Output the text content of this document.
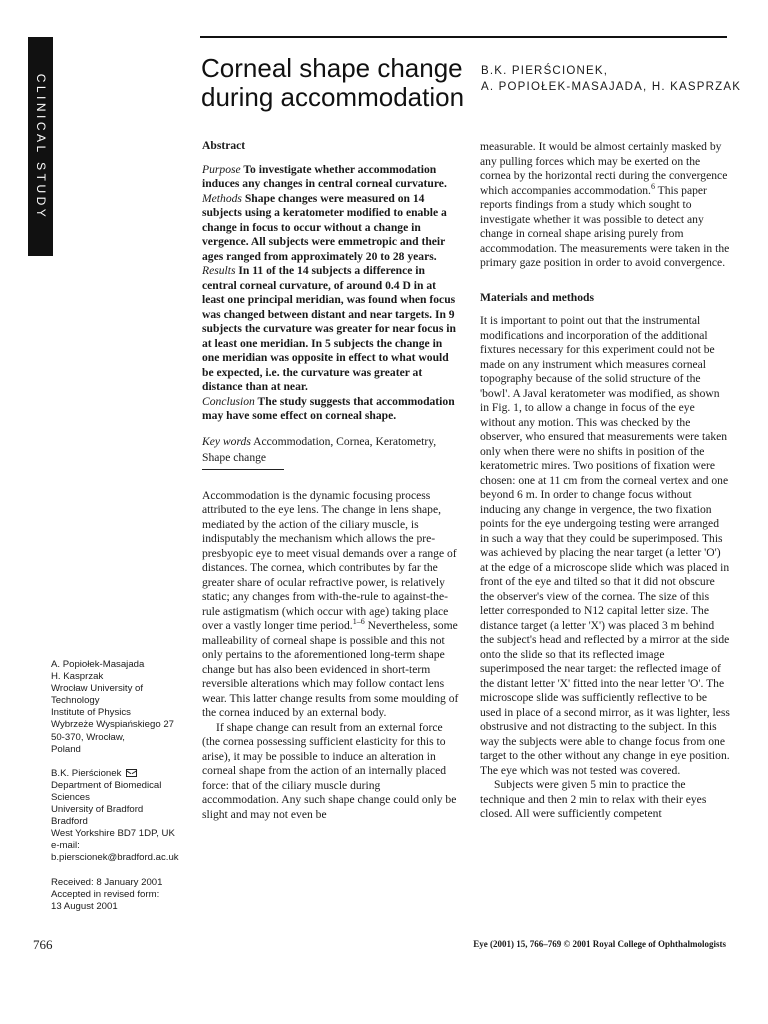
CLINICAL STUDY
Corneal shape change during accommodation
B.K. PIERŚCIONEK,
A. POPIOŁEK-MASAJADA, H. KASPRZAK
Abstract

Purpose To investigate whether accommodation induces any changes in central corneal curvature.

Methods Shape changes were measured on 14 subjects using a keratometer modified to enable a change in focus to occur without a change in vergence. All subjects were emmetropic and their ages ranged from approximately 20 to 28 years.

Results In 11 of the 14 subjects a difference in central corneal curvature, of around 0.4 D in at least one principal meridian, was found when focus was changed between distant and near targets. In 9 subjects the curvature was greater for near focus in at least one meridian. In 5 subjects the change in one meridian was opposite in effect to what would be expected, i.e. the curvature was greater at distance than at near.

Conclusion The study suggests that accommodation may have some effect on corneal shape.

Key words Accommodation, Cornea, Keratometry, Shape change

Accommodation is the dynamic focusing process attributed to the eye lens. The change in lens shape, mediated by the action of the ciliary muscle, is indisputably the mechanism which allows the pre-presbyopic eye to meet visual demands over a range of distances. The cornea, which contributes by far the greater share of ocular refractive power, is relatively static; any changes from with-the-rule to against-the-rule astigmatism (which occur with age) taking place over a vastly longer time period.$^{1-6}$ Nevertheless, some malleability of corneal shape is possible and this not only pertains to the aforementioned long-term shape change but has also been evidenced in short-term reversible alterations which may follow contact lens wear. This latter change results from some moulding of the cornea induced by an external body.

If shape change can result from an external force (the cornea possessing sufficient elasticity for this to arise), it may be possible to induce an alteration in corneal shape from the action of an internally placed force: that of the ciliary muscle during accommodation. Any such shape change could only be slight and may not even be

measurable. It would be almost certainly masked by any pulling forces which may be exerted on the cornea by the horizontal recti during the convergence which accompanies accommodation.$^6$ This paper reports findings from a study which sought to investigate whether it was possible to detect any change in corneal shape arising purely from accommodation. The measurements were taken in the primary gaze position in order to avoid convergence.

Materials and methods

It is important to point out that the instrumental modifications and incorporation of the additional fixtures necessary for this experiment could not be made on any instrument which measures corneal topography because of the solid structure of the 'bowl'. A Javal keratometer was modified, as shown in Fig. 1, to allow a change in focus of the eye without any motion. This was checked by the observer, who ensured that measurements were taken only when there were no shifts in position of the keratometric mires. Two positions of fixation were chosen: one at 11 cm from the corneal vertex and one beyond 6 m. In order to change focus without inducing any change in vergence, the two fixation points for the eye undergoing testing were arranged in such a way that they could be superimposed. This was achieved by placing the near target (a letter 'O') at the edge of a microscope slide which was placed in front of the eye and tilted so that it did not obscure the observer's view of the cornea. The size of this letter corresponded to N12 capital letter size. The distance target (a letter 'X') was placed 3 m behind the subject's head and reflected by a mirror at the side onto the slide so that its reflected image superimposed the near target: the reflected image of the distant letter 'X' fitted into the near letter 'O'. The microscope slide was sufficiently reflective to be used in place of a second mirror, as it was lighter, less obstrusive and not distracting to the subject. In this way the subjects were able to change focus from one target to the other without any change in eye position. The eye which was not tested was covered.

Subjects were given 5 min to practice the technique and then 2 min to relax with their eyes closed. All were sufficiently competent

A. Popiołek-Masajada
H. Kasprzak
Wrocław University of
Technology
Institute of Physics
Wybrzeże Wyspiańskiego 27
50-370, Wrocław,
Poland
B.K. Pierścionek
Department of Biomedical
Sciences
University of Bradford
Bradford
West Yorkshire BD7 1DP, UK
e-mail:
b.pierscionek@bradford.ac.uk
Received: 8 January 2001
Accepted in revised form:
13 August 2001
766	Eye (2001) 15, 766–769 © 2001 Royal College of Ophthalmologists
